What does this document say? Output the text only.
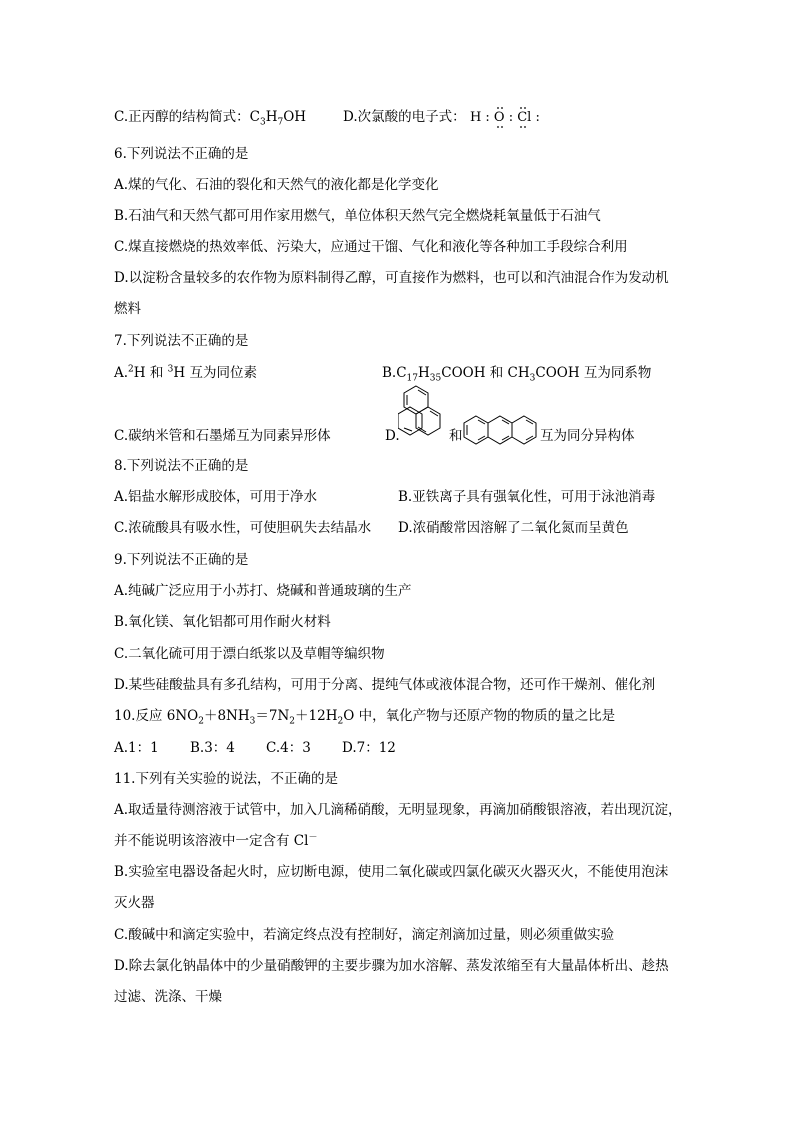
C.正丙醇的结构简式：$C_3H_7OH$	D.次氯酸的电子式： H : O : Cl :
6.下列说法不正确的是
A.煤的气化、石油的裂化和天然气的液化都是化学变化
B.石油气和天然气都可用作家用燃气，单位体积天然气完全燃烧耗氧量低于石油气
C.煤直接燃烧的热效率低、污染大，应通过干馏、气化和液化等各种加工手段综合利用
D.以淀粉含量较多的农作物为原料制得乙醇，可直接作为燃料，也可以和汽油混合作为发动机
燃料
7.下列说法不正确的是
A.$^2$H 和 $^3$H 互为同位素	$B.C_{17}H_{35}COOH$ 和 $CH_3COOH$ 互为同系物
C.碳纳米管和石墨烯互为同素异形体	D.	和	互为同分异构体
8.下列说法不正确的是
A.铝盐水解形成胶体，可用于净水	B.亚铁离子具有强氧化性，可用于泳池消毒
C.浓硫酸具有吸水性，可使胆矾失去结晶水 D.浓硝酸常因溶解了二氧化氮而呈黄色
9.下列说法不正确的是
A.纯碱广泛应用于小苏打、烧碱和普通玻璃的生产
B.氧化镁、氧化铝都可用作耐火材料
C.二氧化硫可用于漂白纸浆以及草帽等编织物
D.某些硅酸盐具有多孔结构，可用于分离、提纯气体或液体混合物，还可作干燥剂、催化剂
10.反应 $6NO_2+8NH_3=7N_2+12H_2O$ 中，氧化产物与还原产物的物质的量之比是
A.1：1 B.3：4 C.4：3 D.7：12
11.下列有关实验的说法，不正确的是
A.取适量待测溶液于试管中，加入几滴稀硝酸，无明显现象，再滴加硝酸银溶液，若出现沉淀，
并不能说明该溶液中一定含有 Cl－
B.实验室电器设备起火时，应切断电源，使用二氧化碳或四氯化碳灭火器灭火，不能使用泡沫
灭火器
C.酸碱中和滴定实验中，若滴定终点没有控制好，滴定剂滴加过量，则必须重做实验
D.除去氯化钠晶体中的少量硝酸钾的主要步骤为加水溶解、蒸发浓缩至有大量晶体析出、趁热
过滤、洗涤、干燥
